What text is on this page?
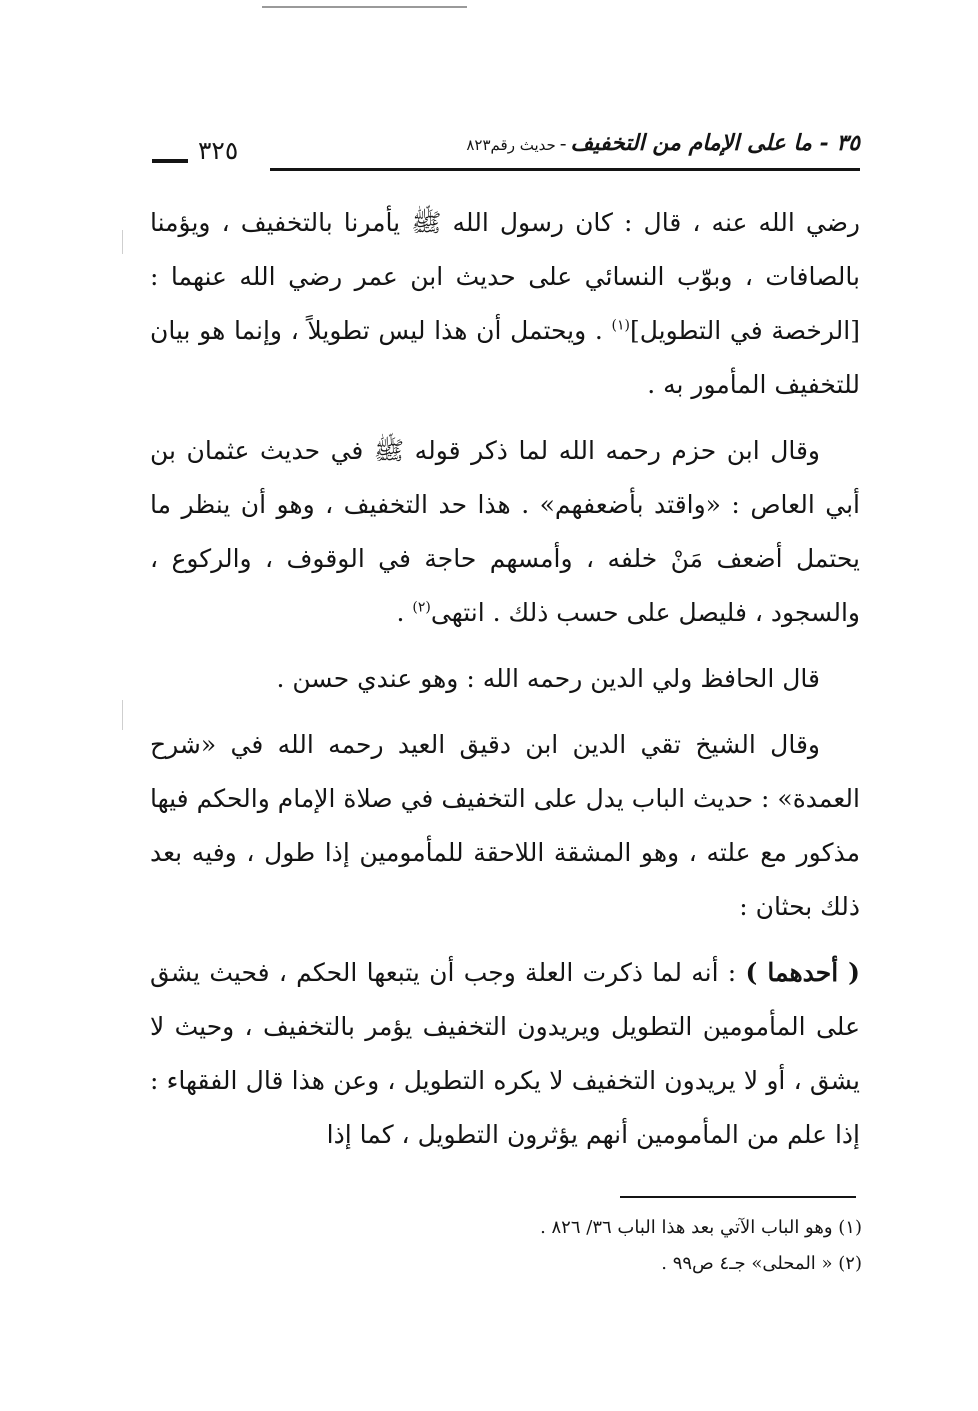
٣٢٥	٣٥ - ما على الإمام من التخفيف-حديث رقم٨٢٣

رضي الله عنه ، قال : كان رسول الله ﷺ يأمرنا بالتخفيف ، ويؤمنا بالصافات ، وبوّب النسائي على حديث ابن عمر رضي الله عنهما : [الرخصة في التطويل]$^{(١)}$ . ويحتمل أن هذا ليس تطويلاً ، وإنما هو بيان للتخفيف المأمور به .

وقال ابن حزم رحمه الله لما ذكر قوله ﷺ في حديث عثمان بن أبي العاص : «واقتد بأضعفهم» . هذا حد التخفيف ، وهو أن ينظر ما يحتمل أضعف مَنْ خلفه ، وأمسهم حاجة في الوقوف ، والركوع ، والسجود ، فليصل على حسب ذلك . انتهى$^{(٢)}$ .

قال الحافظ ولي الدين رحمه الله : وهو عندي حسن .

وقال الشيخ تقي الدين ابن دقيق العيد رحمه الله في «شرح العمدة» : حديث الباب يدل على التخفيف في صلاة الإمام والحكم فيها مذكور مع علته ، وهو المشقة اللاحقة للمأمومين إذا طول ، وفيه بعد ذلك بحثان :

( أحدهما ) : أنه لما ذكرت العلة وجب أن يتبعها الحكم ، فحيث يشق على المأمومين التطويل ويريدون التخفيف يؤمر بالتخفيف ، وحيث لا يشق ، أو لا يريدون التخفيف لا يكره التطويل ، وعن هذا قال الفقهاء : إذا علم من المأمومين أنهم يؤثرون التطويل ، كما إذا

(١) وهو الباب الآتي بعد هذا الباب ٣٦/ ٨٢٦ .

(٢) « المحلى» جـ٤ ص٩٩ .
